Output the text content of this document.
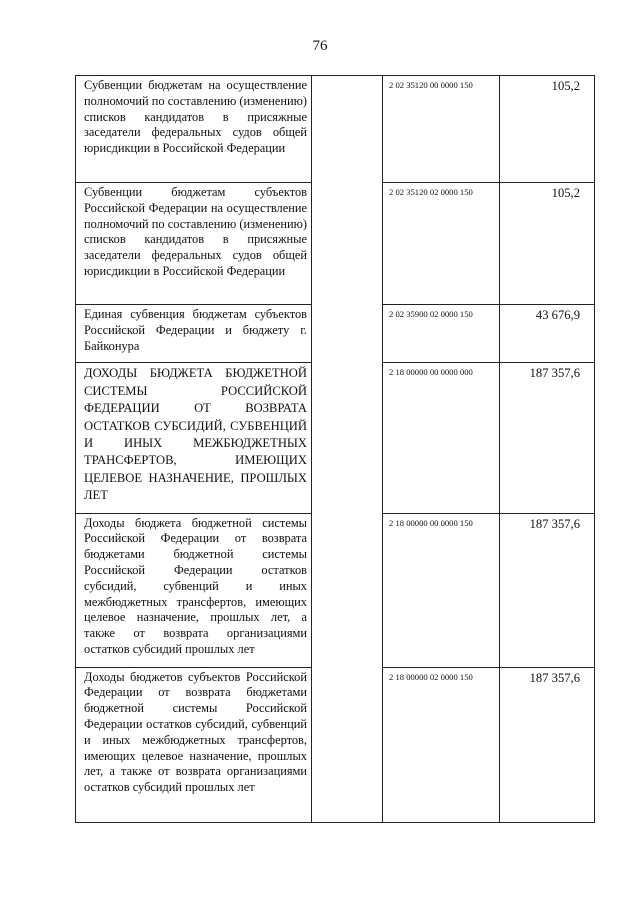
76
Субвенции бюджетам на осуществление полномочий по составлению (изменению) списков кандидатов в присяжные заседатели федеральных судов общей юрисдикции в Российской Федерации		2 02 35120 00 0000 150	105,2
Субвенции бюджетам субъектов Российской Федерации на осуществление полномочий по составлению (изменению) списков кандидатов в присяжные заседатели федеральных судов общей юрисдикции в Российской Федерации		2 02 35120 02 0000 150	105,2
Единая субвенция бюджетам субъектов Российской Федерации и бюджету г. Байконура		2 02 35900 02 0000 150	43 676,9
ДОХОДЫ БЮДЖЕТА БЮДЖЕТНОЙ СИСТЕМЫ РОССИЙСКОЙ ФЕДЕРАЦИИ ОТ ВОЗВРАТА ОСТАТКОВ СУБСИДИЙ, СУБВЕНЦИЙ И ИНЫХ МЕЖБЮДЖЕТНЫХ ТРАНСФЕРТОВ, ИМЕЮЩИХ ЦЕЛЕВОЕ НАЗНАЧЕНИЕ, ПРОШЛЫХ ЛЕТ		2 18 00000 00 0000 000	187 357,6
Доходы бюджета бюджетной системы Российской Федерации от возврата бюджетами бюджетной системы Российской Федерации остатков субсидий, субвенций и иных межбюджетных трансфертов, имеющих целевое назначение, прошлых лет, а также от возврата организациями остатков субсидий прошлых лет		2 18 00000 00 0000 150	187 357,6
Доходы бюджетов субъектов Российской Федерации от возврата бюджетами бюджетной системы Российской Федерации остатков субсидий, субвенций и иных межбюджетных трансфертов, имеющих целевое назначение, прошлых лет, а также от возврата организациями остатков субсидий прошлых лет		2 18 00000 02 0000 150	187 357,6
